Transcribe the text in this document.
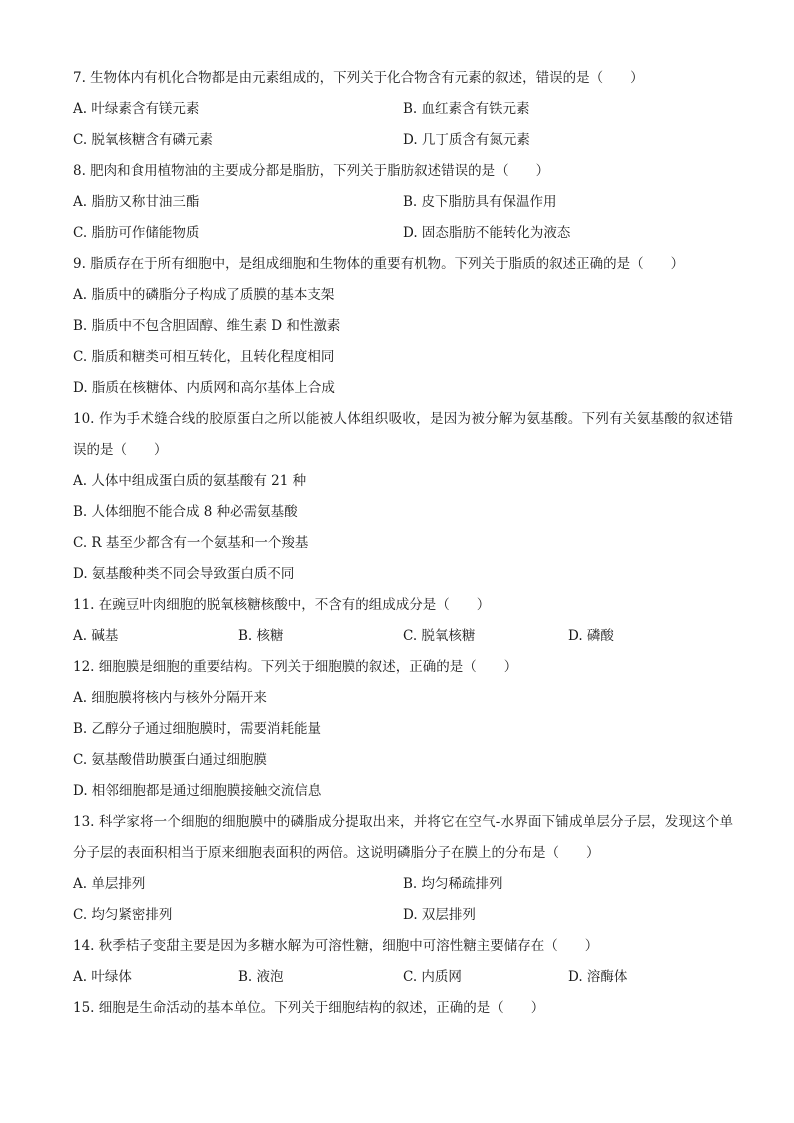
7. 生物体内有机化合物都是由元素组成的，下列关于化合物含有元素的叙述，错误的是（　　）

A. 叶绿素含有镁元素	B. 血红素含有铁元素
C. 脱氧核糖含有磷元素	D. 几丁质含有氮元素

8. 肥肉和食用植物油的主要成分都是脂肪，下列关于脂肪叙述错误的是（　　）

A. 脂肪又称甘油三酯	B. 皮下脂肪具有保温作用
C. 脂肪可作储能物质	D. 固态脂肪不能转化为液态

9. 脂质存在于所有细胞中，是组成细胞和生物体的重要有机物。下列关于脂质的叙述正确的是（　　）

A. 脂质中的磷脂分子构成了质膜的基本支架
B. 脂质中不包含胆固醇、维生素 D 和性激素
C. 脂质和糖类可相互转化，且转化程度相同
D. 脂质在核糖体、内质网和高尔基体上合成

10. 作为手术缝合线的胶原蛋白之所以能被人体组织吸收，是因为被分解为氨基酸。下列有关氨基酸的叙述错误的是（　　）

A. 人体中组成蛋白质的氨基酸有 21 种
B. 人体细胞不能合成 8 种必需氨基酸
C. R 基至少都含有一个氨基和一个羧基
D. 氨基酸种类不同会导致蛋白质不同

11. 在豌豆叶肉细胞的脱氧核糖核酸中，不含有的组成成分是（　　）

A. 碱基	B. 核糖	C. 脱氧核糖	D. 磷酸

12. 细胞膜是细胞的重要结构。下列关于细胞膜的叙述，正确的是（　　）

A. 细胞膜将核内与核外分隔开来
B. 乙醇分子通过细胞膜时，需要消耗能量
C. 氨基酸借助膜蛋白通过细胞膜
D. 相邻细胞都是通过细胞膜接触交流信息

13. 科学家将一个细胞的细胞膜中的磷脂成分提取出来，并将它在空气-水界面下铺成单层分子层，发现这个单分子层的表面积相当于原来细胞表面积的两倍。这说明磷脂分子在膜上的分布是（　　）

A. 单层排列	B. 均匀稀疏排列
C. 均匀紧密排列	D. 双层排列

14. 秋季桔子变甜主要是因为多糖水解为可溶性糖，细胞中可溶性糖主要储存在（　　）

A. 叶绿体	B. 液泡	C. 内质网	D. 溶酶体

15. 细胞是生命活动的基本单位。下列关于细胞结构的叙述，正确的是（　　）
